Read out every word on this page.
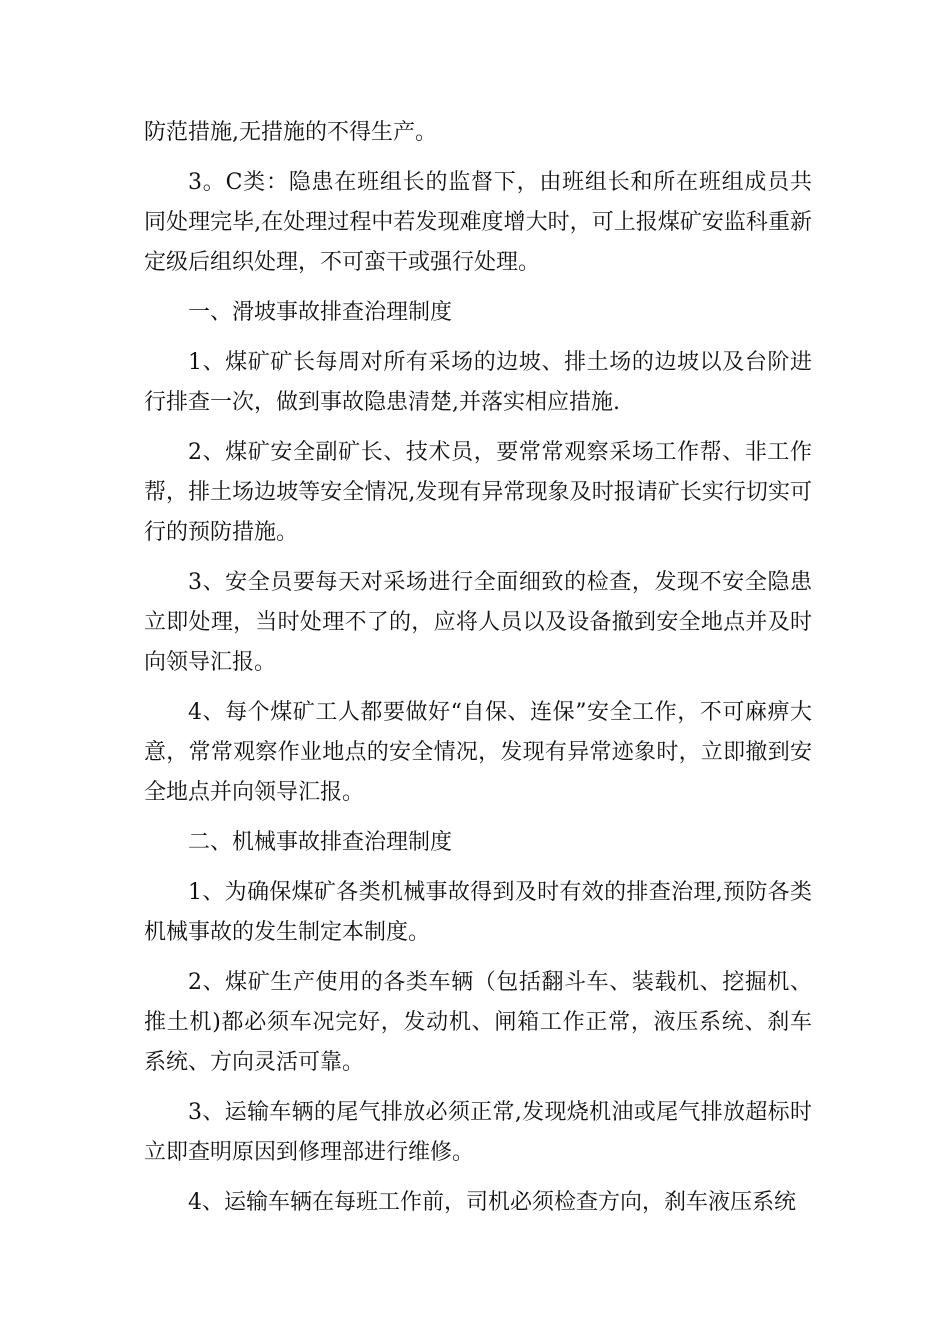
防范措施,无措施的不得生产。

3。C类：隐患在班组长的监督下，由班组长和所在班组成员共同处理完毕,在处理过程中若发现难度增大时，可上报煤矿安监科重新定级后组织处理，不可蛮干或强行处理。

一、滑坡事故排查治理制度

1、煤矿矿长每周对所有采场的边坡、排土场的边坡以及台阶进行排查一次，做到事故隐患清楚,并落实相应措施.

2、煤矿安全副矿长、技术员，要常常观察采场工作帮、非工作帮，排土场边坡等安全情况,发现有异常现象及时报请矿长实行切实可行的预防措施。

3、安全员要每天对采场进行全面细致的检查，发现不安全隐患立即处理，当时处理不了的，应将人员以及设备撤到安全地点并及时向领导汇报。

4、每个煤矿工人都要做好“自保、连保”安全工作，不可麻痹大意，常常观察作业地点的安全情况，发现有异常迹象时，立即撤到安全地点并向领导汇报。

二、机械事故排查治理制度

1、为确保煤矿各类机械事故得到及时有效的排查治理,预防各类机械事故的发生制定本制度。

2、煤矿生产使用的各类车辆（包括翻斗车、装载机、挖掘机、推土机)都必须车况完好，发动机、闸箱工作正常，液压系统、刹车系统、方向灵活可靠。

3、运输车辆的尾气排放必须正常,发现烧机油或尾气排放超标时立即查明原因到修理部进行维修。

4、运输车辆在每班工作前，司机必须检查方向，刹车液压系统
